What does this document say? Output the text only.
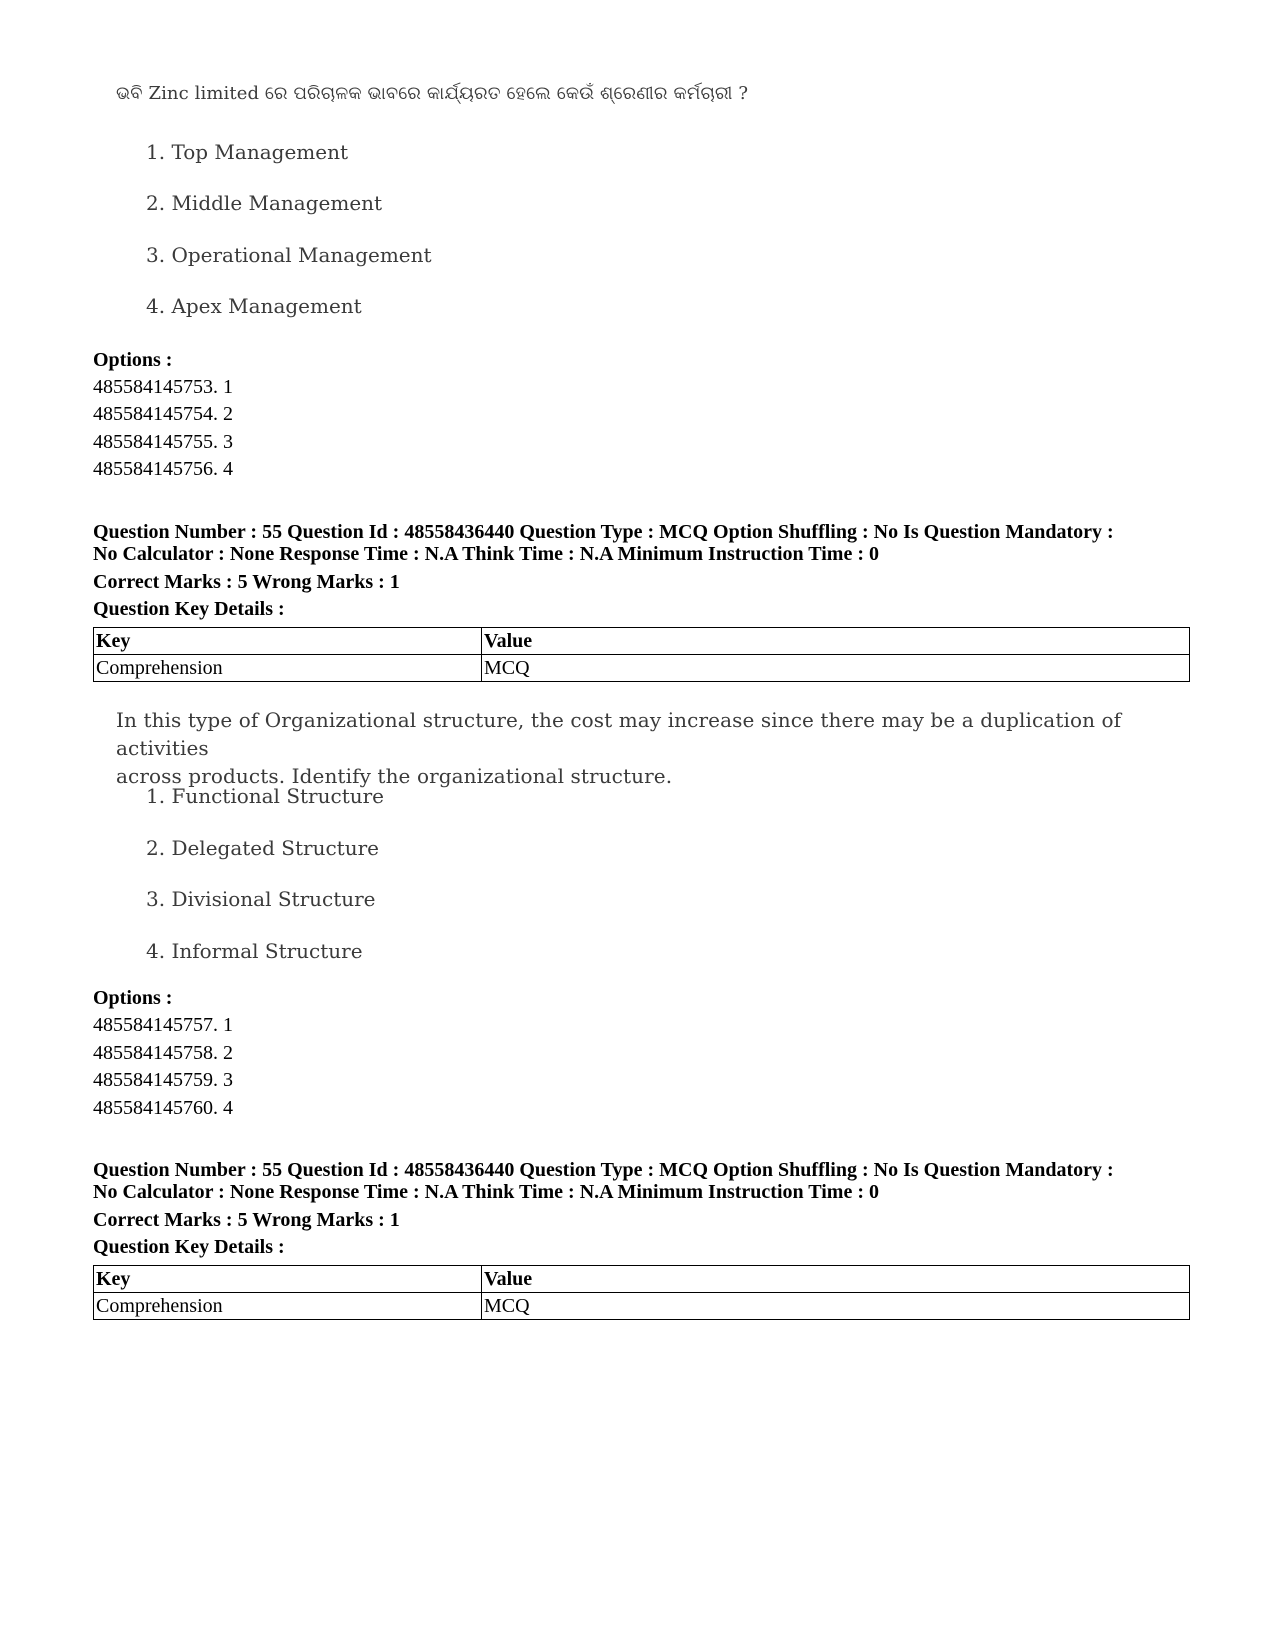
ଭବି Zinc limited ରେ ପରିଚାଳକ ଭାବରେ କାର୍ଯ୍ୟରତ ହେଲେ କେଉଁ ଶ୍ରେଣୀର କର୍ମଚାରୀ ?
1. Top Management
2. Middle Management
3. Operational Management
4. Apex Management
Options :
485584145753. 1
485584145754. 2
485584145755. 3
485584145756. 4
Question Number : 55 Question Id : 48558436440 Question Type : MCQ Option Shuffling : No Is Question Mandatory :
No Calculator : None Response Time : N.A Think Time : N.A Minimum Instruction Time : 0
Correct Marks : 5 Wrong Marks : 1
Question Key Details :
Key	Value
Comprehension	MCQ
In this type of Organizational structure, the cost may increase since there may be a duplication of activities
across products. Identify the organizational structure.
1. Functional Structure
2. Delegated Structure
3. Divisional Structure
4. Informal Structure
Options :
485584145757. 1
485584145758. 2
485584145759. 3
485584145760. 4
Question Number : 55 Question Id : 48558436440 Question Type : MCQ Option Shuffling : No Is Question Mandatory :
No Calculator : None Response Time : N.A Think Time : N.A Minimum Instruction Time : 0
Correct Marks : 5 Wrong Marks : 1
Question Key Details :
Key	Value
Comprehension	MCQ
